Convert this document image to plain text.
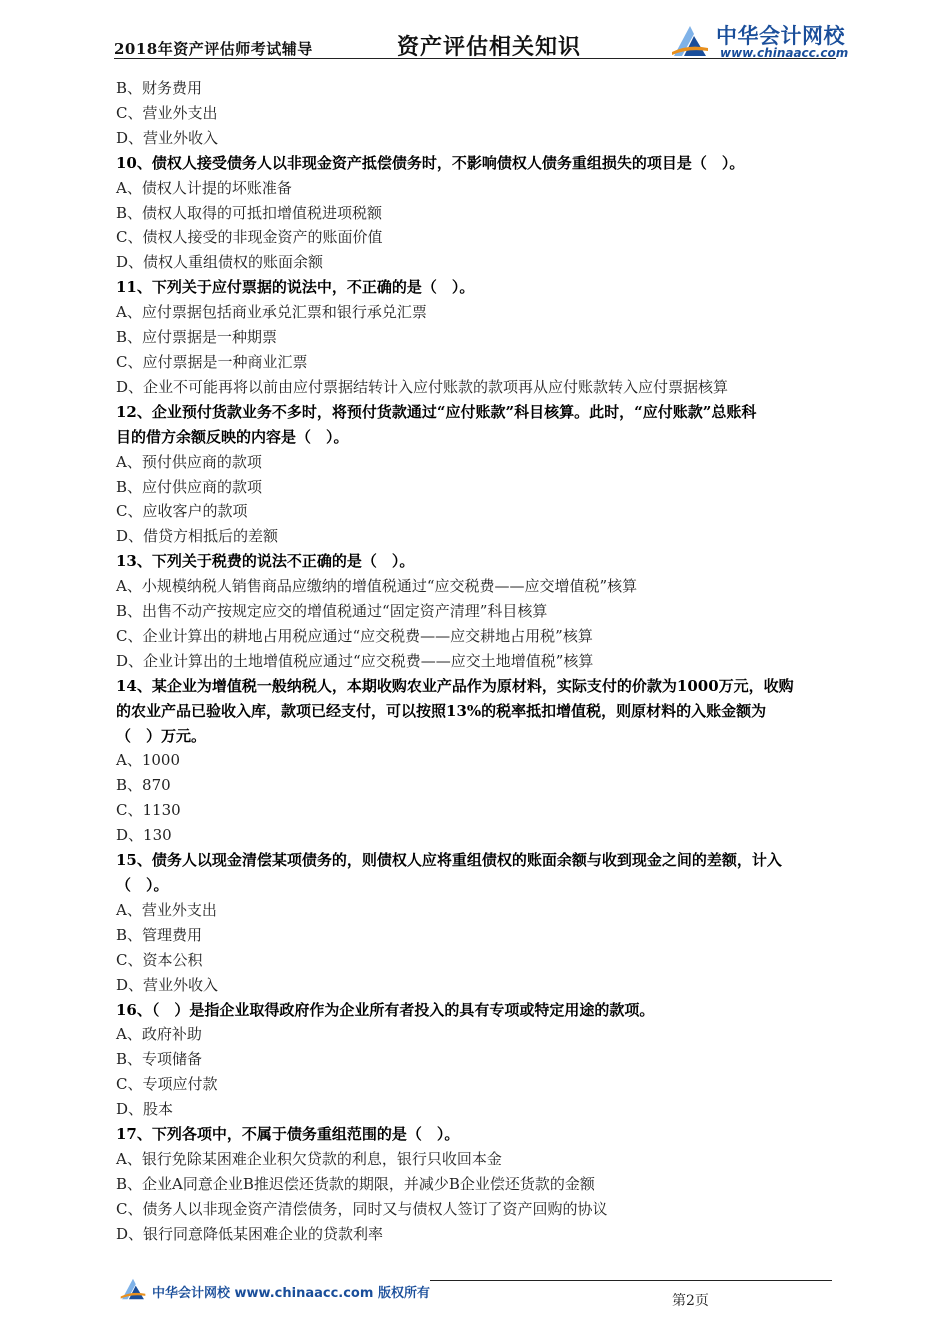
2018年资产评估师考试辅导	资产评估相关知识	中华会计网校
www.chinaacc.com
B、财务费用
C、营业外支出
D、营业外收入
10、债权人接受债务人以非现金资产抵偿债务时，不影响债权人债务重组损失的项目是（　）。
A、债权人计提的坏账准备
B、债权人取得的可抵扣增值税进项税额
C、债权人接受的非现金资产的账面价值
D、债权人重组债权的账面余额
11、下列关于应付票据的说法中，不正确的是（　）。
A、应付票据包括商业承兑汇票和银行承兑汇票
B、应付票据是一种期票
C、应付票据是一种商业汇票
D、企业不可能再将以前由应付票据结转计入应付账款的款项再从应付账款转入应付票据核算
12、企业预付货款业务不多时，将预付货款通过“应付账款”科目核算。此时，“应付账款”总账科
目的借方余额反映的内容是（　）。
A、预付供应商的款项
B、应付供应商的款项
C、应收客户的款项
D、借贷方相抵后的差额
13、下列关于税费的说法不正确的是（　）。
A、小规模纳税人销售商品应缴纳的增值税通过“应交税费——应交增值税”核算
B、出售不动产按规定应交的增值税通过“固定资产清理”科目核算
C、企业计算出的耕地占用税应通过“应交税费——应交耕地占用税”核算
D、企业计算出的土地增值税应通过“应交税费——应交土地增值税”核算
14、某企业为增值税一般纳税人，本期收购农业产品作为原材料，实际支付的价款为1000万元，收购
的农业产品已验收入库，款项已经支付，可以按照13%的税率抵扣增值税，则原材料的入账金额为
（　）万元。
A、1000
B、870
C、1130
D、130
15、债务人以现金清偿某项债务的，则债权人应将重组债权的账面余额与收到现金之间的差额，计入
（　）。
A、营业外支出
B、管理费用
C、资本公积
D、营业外收入
16、（　）是指企业取得政府作为企业所有者投入的具有专项或特定用途的款项。
A、政府补助
B、专项储备
C、专项应付款
D、股本
17、下列各项中，不属于债务重组范围的是（　）。
A、银行免除某困难企业积欠贷款的利息，银行只收回本金
B、企业A同意企业B推迟偿还货款的期限，并减少B企业偿还货款的金额
C、债务人以非现金资产清偿债务，同时又与债权人签订了资产回购的协议
D、银行同意降低某困难企业的贷款利率
中华会计网校 www.chinaacc.com 版权所有	第2页
